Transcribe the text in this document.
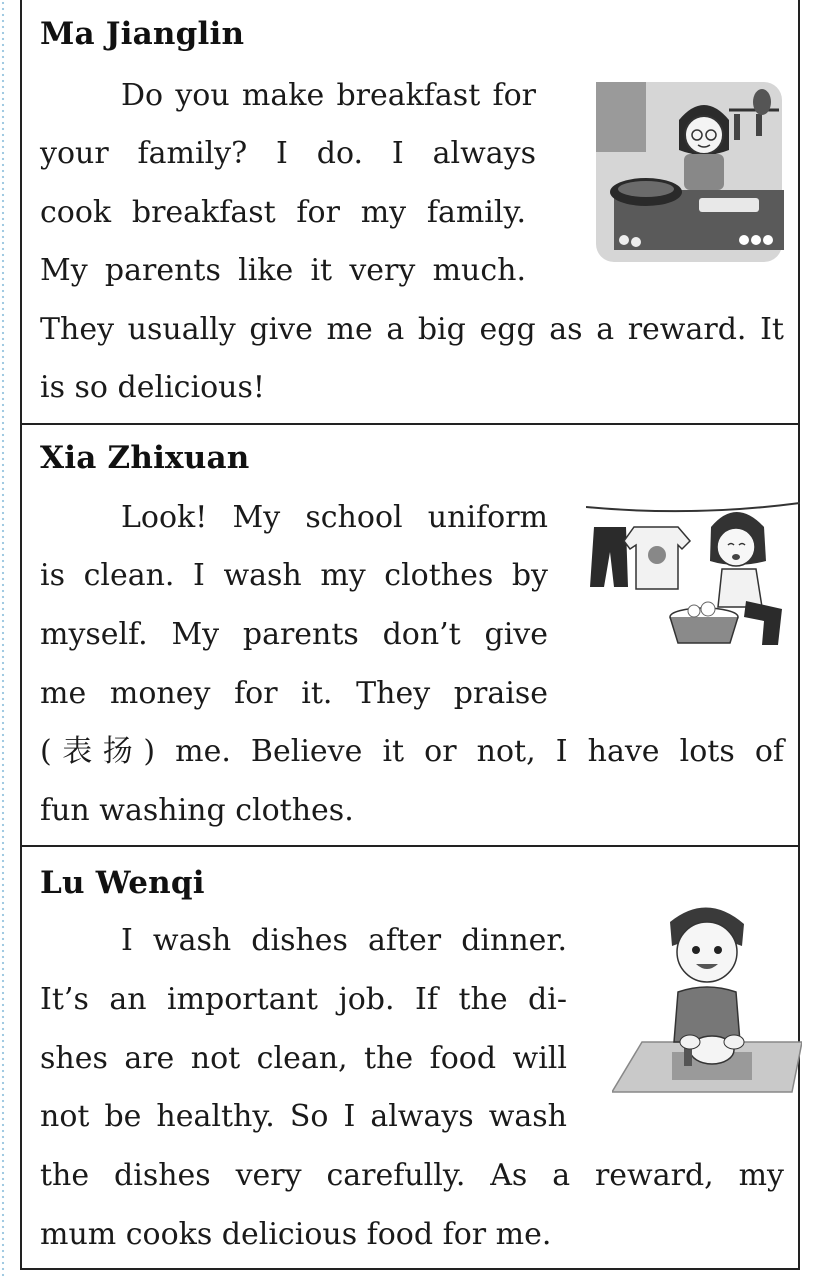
Ma Jianglin

Do you make breakfast for

your family? I do. I always

cook breakfast for my family.

My parents like it very much.

They usually give me a big egg as a reward. It

is so delicious!

Xia Zhixuan

Look! My school uniform

is clean. I wash my clothes by

myself. My parents don’t give

me money for it. They praise

(表扬) me. Believe it or not, I have lots of

fun washing clothes.

Lu Wenqi

I wash dishes after dinner.

It’s an important job. If the di-

shes are not clean, the food will

not be healthy. So I always wash

the dishes very carefully. As a reward, my

mum cooks delicious food for me.
